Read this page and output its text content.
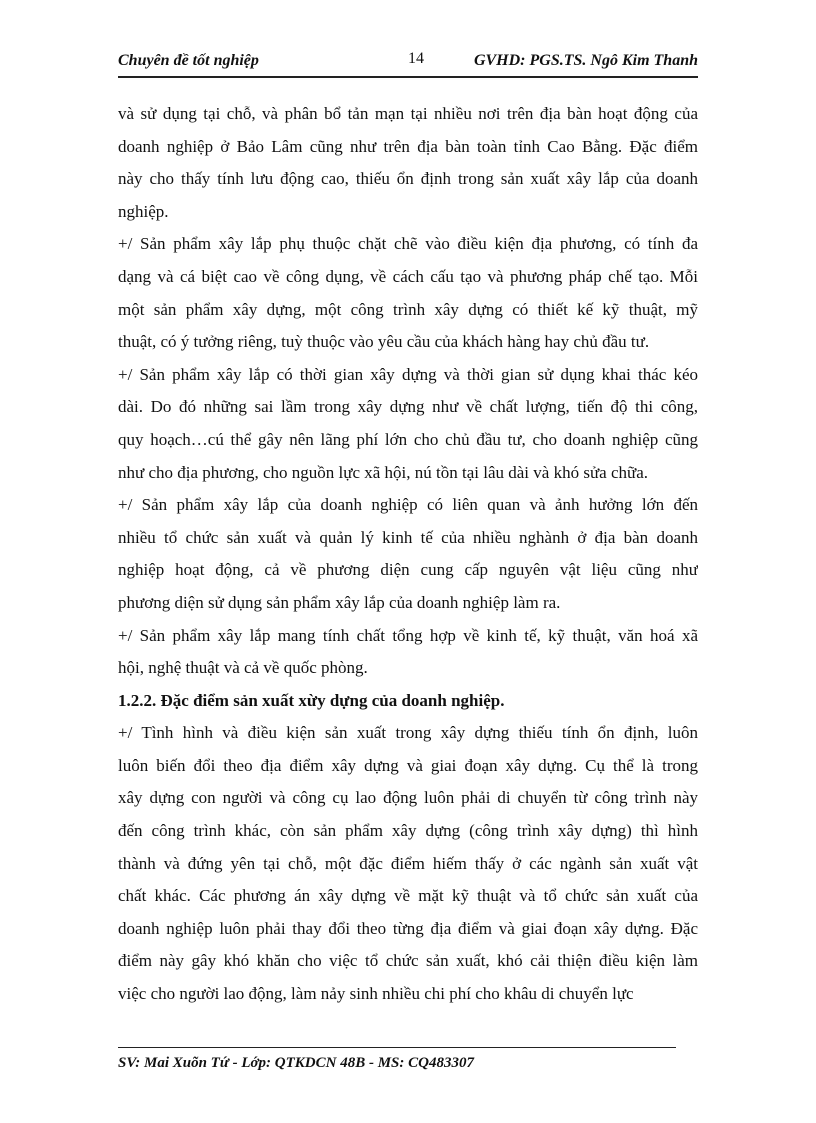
Chuyên đề tốt nghiệp	14	GVHD: PGS.TS. Ngô Kim Thanh
và sử dụng tại chỗ, và phân bổ tản mạn tại nhiều nơi trên địa bàn hoạt động của
doanh nghiệp ở Bảo Lâm cũng như trên địa bàn toàn tỉnh Cao Bằng. Đặc điểm
này cho thấy tính lưu động cao, thiếu ổn định trong sản xuất xây lắp của doanh
nghiệp.
+/ Sản phẩm xây lắp phụ thuộc chặt chẽ vào điều kiện địa phương, có tính đa
dạng và cá biệt cao về công dụng, về cách cấu tạo và phương pháp chế tạo. Mỗi
một sản phẩm xây dựng, một công trình xây dựng có thiết kế kỹ thuật, mỹ
thuật, có ý tưởng riêng, tuỳ thuộc vào yêu cầu của khách hàng hay chủ đầu tư.
+/ Sản phẩm xây lắp có thời gian xây dựng và thời gian sử dụng khai thác kéo
dài. Do đó những sai lầm trong xây dựng như về chất lượng, tiến độ thi công,
quy hoạch…cú thể gây nên lãng phí lớn cho chủ đầu tư, cho doanh nghiệp cũng
như cho địa phương, cho nguồn lực xã hội, nú tồn tại lâu dài và khó sửa chữa.
+/ Sản phẩm xây lắp của doanh nghiệp có liên quan và ảnh hưởng lớn đến
nhiều tổ chức sản xuất và quản lý kinh tế của nhiều nghành ở địa bàn doanh
nghiệp hoạt động, cả về phương diện cung cấp nguyên vật liệu cũng như
phương diện sử dụng sản phẩm xây lắp của doanh nghiệp làm ra.
+/ Sản phẩm xây lắp mang tính chất tổng hợp về kinh tế, kỹ thuật, văn hoá xã
hội, nghệ thuật và cả về quốc phòng.
1.2.2. Đặc điểm sản xuất xừy dựng của doanh nghiệp.
+/ Tình hình và điều kiện sản xuất trong xây dựng thiếu tính ổn định, luôn
luôn biến đổi theo địa điểm xây dựng và giai đoạn xây dựng. Cụ thể là trong
xây dựng con người và công cụ lao động luôn phải di chuyển từ công trình này
đến công trình khác, còn sản phẩm xây dựng (công trình xây dựng) thì hình
thành và đứng yên tại chỗ, một đặc điểm hiếm thấy ở các ngành sản xuất vật
chất khác. Các phương án xây dựng về mặt kỹ thuật và tổ chức sản xuất của
doanh nghiệp luôn phải thay đổi theo từng địa điểm và giai đoạn xây dựng. Đặc
điểm này gây khó khăn cho việc tổ chức sản xuất, khó cải thiện điều kiện làm
việc cho người lao động, làm nảy sinh nhiều chi phí cho khâu di chuyển lực
SV: Mai Xuõn Tứ - Lớp: QTKDCN 48B - MS: CQ483307
